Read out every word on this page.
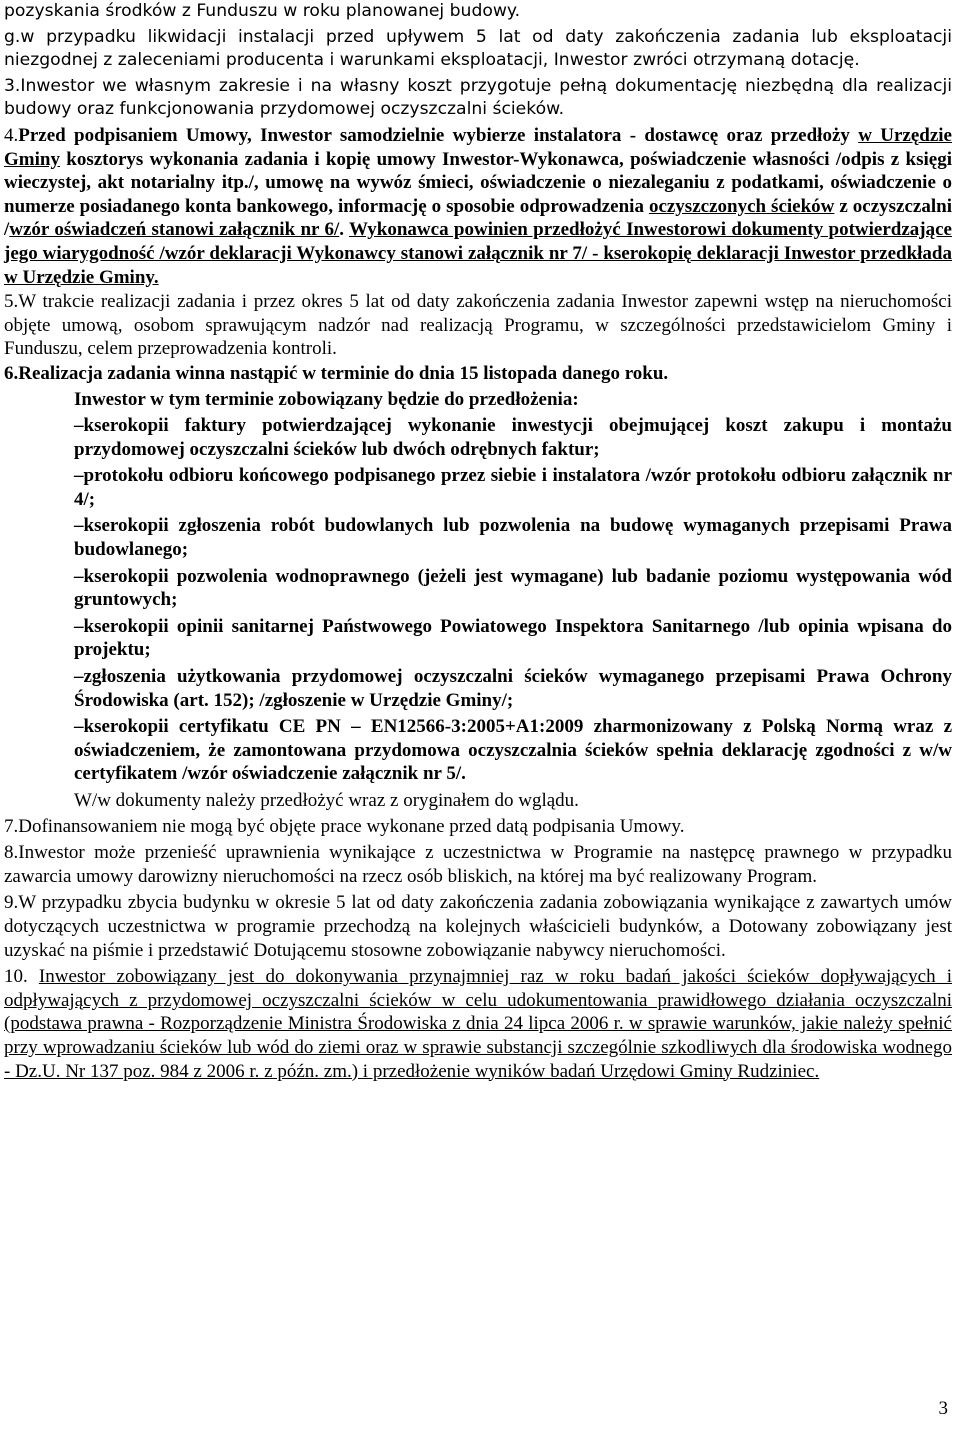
pozyskania środków z Funduszu w roku planowanej budowy.

g.w przypadku likwidacji instalacji przed upływem 5 lat od daty zakończenia zadania lub eksploatacji niezgodnej z zaleceniami producenta i warunkami eksploatacji, Inwestor zwróci otrzymaną dotację.

3.Inwestor we własnym zakresie i na własny koszt przygotuje pełną dokumentację niezbędną dla realizacji budowy oraz funkcjonowania przydomowej oczyszczalni ścieków.

4.Przed podpisaniem Umowy, Inwestor samodzielnie wybierze instalatora - dostawcę oraz przedłoży w Urzędzie Gminy kosztorys wykonania zadania i kopię umowy Inwestor-Wykonawca, poświadczenie własności /odpis z księgi wieczystej, akt notarialny itp./, umowę na wywóz śmieci, oświadczenie o niezaleganiu z podatkami, oświadczenie o numerze posiadanego konta bankowego, informację o sposobie odprowadzenia oczyszczonych ścieków z oczyszczalni /wzór oświadczeń stanowi załącznik nr 6/. Wykonawca powinien przedłożyć Inwestorowi dokumenty potwierdzające jego wiarygodność /wzór deklaracji Wykonawcy stanowi załącznik nr 7/ - kserokopię deklaracji Inwestor przedkłada w Urzędzie Gminy.

5.W trakcie realizacji zadania i przez okres 5 lat od daty zakończenia zadania Inwestor zapewni wstęp na nieruchomości objęte umową, osobom sprawującym nadzór nad realizacją Programu, w szczególności przedstawicielom Gminy i Funduszu, celem przeprowadzenia kontroli.

6.Realizacja zadania winna nastąpić w terminie do dnia 15 listopada danego roku.

Inwestor w tym terminie zobowiązany będzie do przedłożenia:

–kserokopii faktury potwierdzającej wykonanie inwestycji obejmującej koszt zakupu i montażu przydomowej oczyszczalni ścieków lub dwóch odrębnych faktur;

–protokołu odbioru końcowego podpisanego przez siebie i instalatora /wzór protokołu odbioru załącznik nr 4/;

–kserokopii zgłoszenia robót budowlanych lub pozwolenia na budowę wymaganych przepisami Prawa budowlanego;

–kserokopii pozwolenia wodnoprawnego (jeżeli jest wymagane) lub badanie poziomu występowania wód gruntowych;

–kserokopii opinii sanitarnej Państwowego Powiatowego Inspektora Sanitarnego /lub opinia wpisana do projektu;

–zgłoszenia użytkowania przydomowej oczyszczalni ścieków wymaganego przepisami Prawa Ochrony Środowiska (art. 152); /zgłoszenie w Urzędzie Gminy/;

–kserokopii certyfikatu CE PN – EN12566-3:2005+A1:2009 zharmonizowany z Polską Normą wraz z oświadczeniem, że zamontowana przydomowa oczyszczalnia ścieków spełnia deklarację zgodności z w/w certyfikatem /wzór oświadczenie załącznik nr 5/.

W/w dokumenty należy przedłożyć wraz z oryginałem do wglądu.

7.Dofinansowaniem nie mogą być objęte prace wykonane przed datą podpisania Umowy.

8.Inwestor może przenieść uprawnienia wynikające z uczestnictwa w Programie na następcę prawnego w przypadku zawarcia umowy darowizny nieruchomości na rzecz osób bliskich, na której ma być realizowany Program.

9.W przypadku zbycia budynku w okresie 5 lat od daty zakończenia zadania zobowiązania wynikające z zawartych umów dotyczących uczestnictwa w programie przechodzą na kolejnych właścicieli budynków, a Dotowany zobowiązany jest uzyskać na piśmie i przedstawić Dotującemu stosowne zobowiązanie nabywcy nieruchomości.

10. Inwestor zobowiązany jest do dokonywania przynajmniej raz w roku badań jakości ścieków dopływających i odpływających z przydomowej oczyszczalni ścieków w celu udokumentowania prawidłowego działania oczyszczalni (podstawa prawna - Rozporządzenie Ministra Środowiska z dnia 24 lipca 2006 r. w sprawie warunków, jakie należy spełnić przy wprowadzaniu ścieków lub wód do ziemi oraz w sprawie substancji szczególnie szkodliwych dla środowiska wodnego - Dz.U. Nr 137 poz. 984 z 2006 r. z późn. zm.) i przedłożenie wyników badań Urzędowi Gminy Rudziniec.

3
